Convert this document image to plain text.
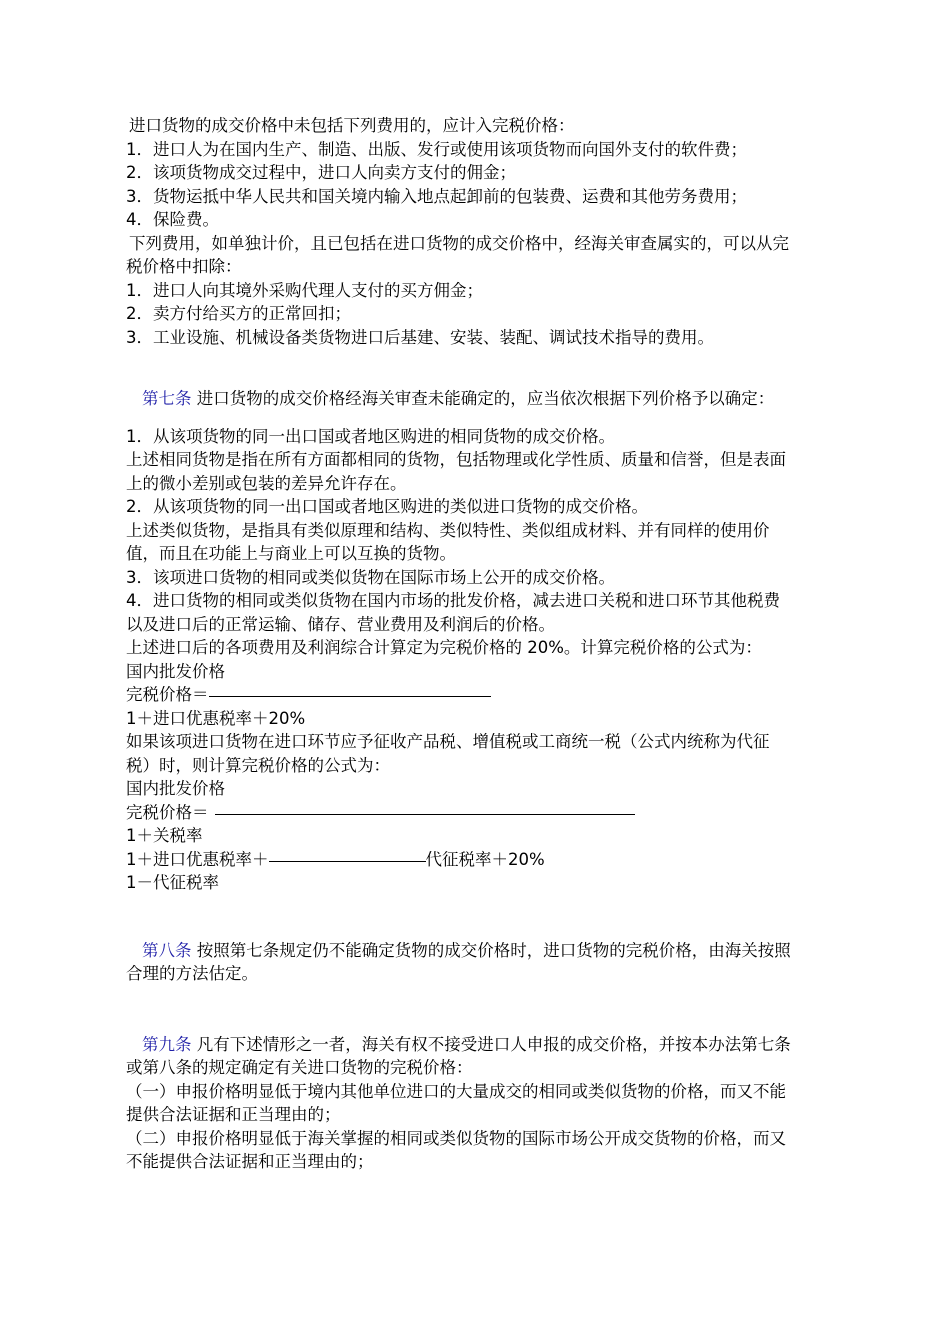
进口货物的成交价格中未包括下列费用的，应计入完税价格：
1．进口人为在国内生产、制造、出版、发行或使用该项货物而向国外支付的软件费；
2．该项货物成交过程中，进口人向卖方支付的佣金；
3．货物运抵中华人民共和国关境内输入地点起卸前的包装费、运费和其他劳务费用；
4．保险费。
下列费用，如单独计价，且已包括在进口货物的成交价格中，经海关审查属实的，可以从完
税价格中扣除：
1．进口人向其境外采购代理人支付的买方佣金；
2．卖方付给买方的正常回扣；
3．工业设施、机械设备类货物进口后基建、安装、装配、调试技术指导的费用。
第七条 进口货物的成交价格经海关审查未能确定的，应当依次根据下列价格予以确定：
1．从该项货物的同一出口国或者地区购进的相同货物的成交价格。
上述相同货物是指在所有方面都相同的货物，包括物理或化学性质、质量和信誉，但是表面
上的微小差别或包装的差异允许存在。
2．从该项货物的同一出口国或者地区购进的类似进口货物的成交价格。
上述类似货物，是指具有类似原理和结构、类似特性、类似组成材料、并有同样的使用价
值，而且在功能上与商业上可以互换的货物。
3．该项进口货物的相同或类似货物在国际市场上公开的成交价格。
4．进口货物的相同或类似货物在国内市场的批发价格，减去进口关税和进口环节其他税费
以及进口后的正常运输、储存、营业费用及利润后的价格。
上述进口后的各项费用及利润综合计算定为完税价格的 20%。计算完税价格的公式为：
国内批发价格
完税价格＝
1＋进口优惠税率＋20%
如果该项进口货物在进口环节应予征收产品税、增值税或工商统一税（公式内统称为代征
税）时，则计算完税价格的公式为：
国内批发价格
完税价格＝
1＋关税率
1＋进口优惠税率＋	代征税率＋20%
1－代征税率
第八条 按照第七条规定仍不能确定货物的成交价格时，进口货物的完税价格，由海关按照
合理的方法估定。
第九条 凡有下述情形之一者，海关有权不接受进口人申报的成交价格，并按本办法第七条
或第八条的规定确定有关进口货物的完税价格：
（一）申报价格明显低于境内其他单位进口的大量成交的相同或类似货物的价格，而又不能
提供合法证据和正当理由的；
（二）申报价格明显低于海关掌握的相同或类似货物的国际市场公开成交货物的价格，而又
不能提供合法证据和正当理由的；
